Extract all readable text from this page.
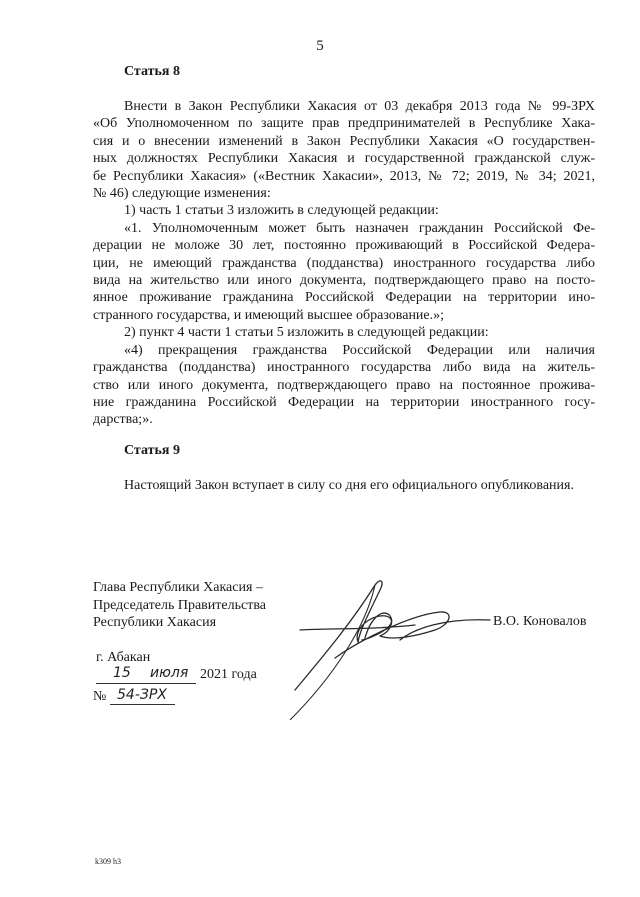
5
Статья 8
Внести в Закон Республики Хакасия от 03 декабря 2013 года № 99-ЗРХ
«Об Уполномоченном по защите прав предпринимателей в Республике Хака-
сия и о внесении изменений в Закон Республики Хакасия «О государствен-
ных должностях Республики Хакасия и государственной гражданской служ-
бе Республики Хакасия» («Вестник Хакасии», 2013, № 72; 2019, № 34; 2021,
№ 46) следующие изменения:
1) часть 1 статьи 3 изложить в следующей редакции:
«1. Уполномоченным может быть назначен гражданин Российской Фе-
дерации не моложе 30 лет, постоянно проживающий в Российской Федера-
ции, не имеющий гражданства (подданства) иностранного государства либо
вида на жительство или иного документа, подтверждающего право на посто-
янное проживание гражданина Российской Федерации на территории ино-
странного государства, и имеющий высшее образование.»;
2) пункт 4 части 1 статьи 5 изложить в следующей редакции:
«4) прекращения гражданства Российской Федерации или наличия
гражданства (подданства) иностранного государства либо вида на житель-
ство или иного документа, подтверждающего право на постоянное прожива-
ние гражданина Российской Федерации на территории иностранного госу-
дарства;».
Статья 9
Настоящий Закон вступает в силу со дня его официального опубликования.
Глава Республики Хакасия –
Председатель Правительства
Республики Хакасия	В.О. Коновалов
г. Абакан
15 июля 2021 года
№ 54-ЗРХ
k309 h3
